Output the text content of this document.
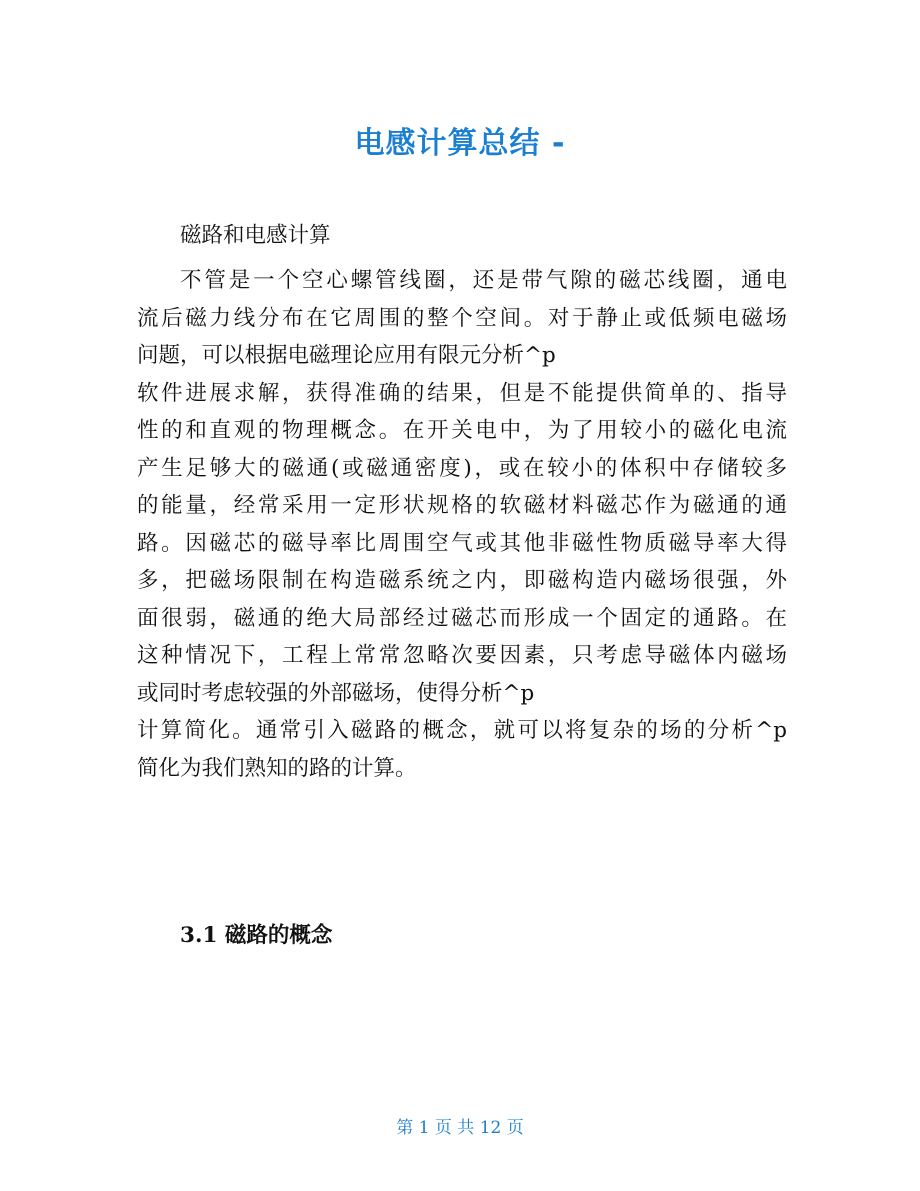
电感计算总结 -
磁路和电感计算
不管是一个空心螺管线圈，还是带气隙的磁芯线圈，通电
流后磁力线分布在它周围的整个空间。对于静止或低频电磁场
问题，可以根据电磁理论应用有限元分析^p
软件进展求解，获得准确的结果，但是不能提供简单的、指导
性的和直观的物理概念。在开关电中，为了用较小的磁化电流
产生足够大的磁通(或磁通密度)，或在较小的体积中存储较多
的能量，经常采用一定形状规格的软磁材料磁芯作为磁通的通
路。因磁芯的磁导率比周围空气或其他非磁性物质磁导率大得
多，把磁场限制在构造磁系统之内，即磁构造内磁场很强，外
面很弱，磁通的绝大局部经过磁芯而形成一个固定的通路。在
这种情况下，工程上常常忽略次要因素，只考虑导磁体内磁场
或同时考虑较强的外部磁场，使得分析^p
计算简化。通常引入磁路的概念，就可以将复杂的场的分析^p
简化为我们熟知的路的计算。
3.1 磁路的概念
第 1 页 共 12 页
